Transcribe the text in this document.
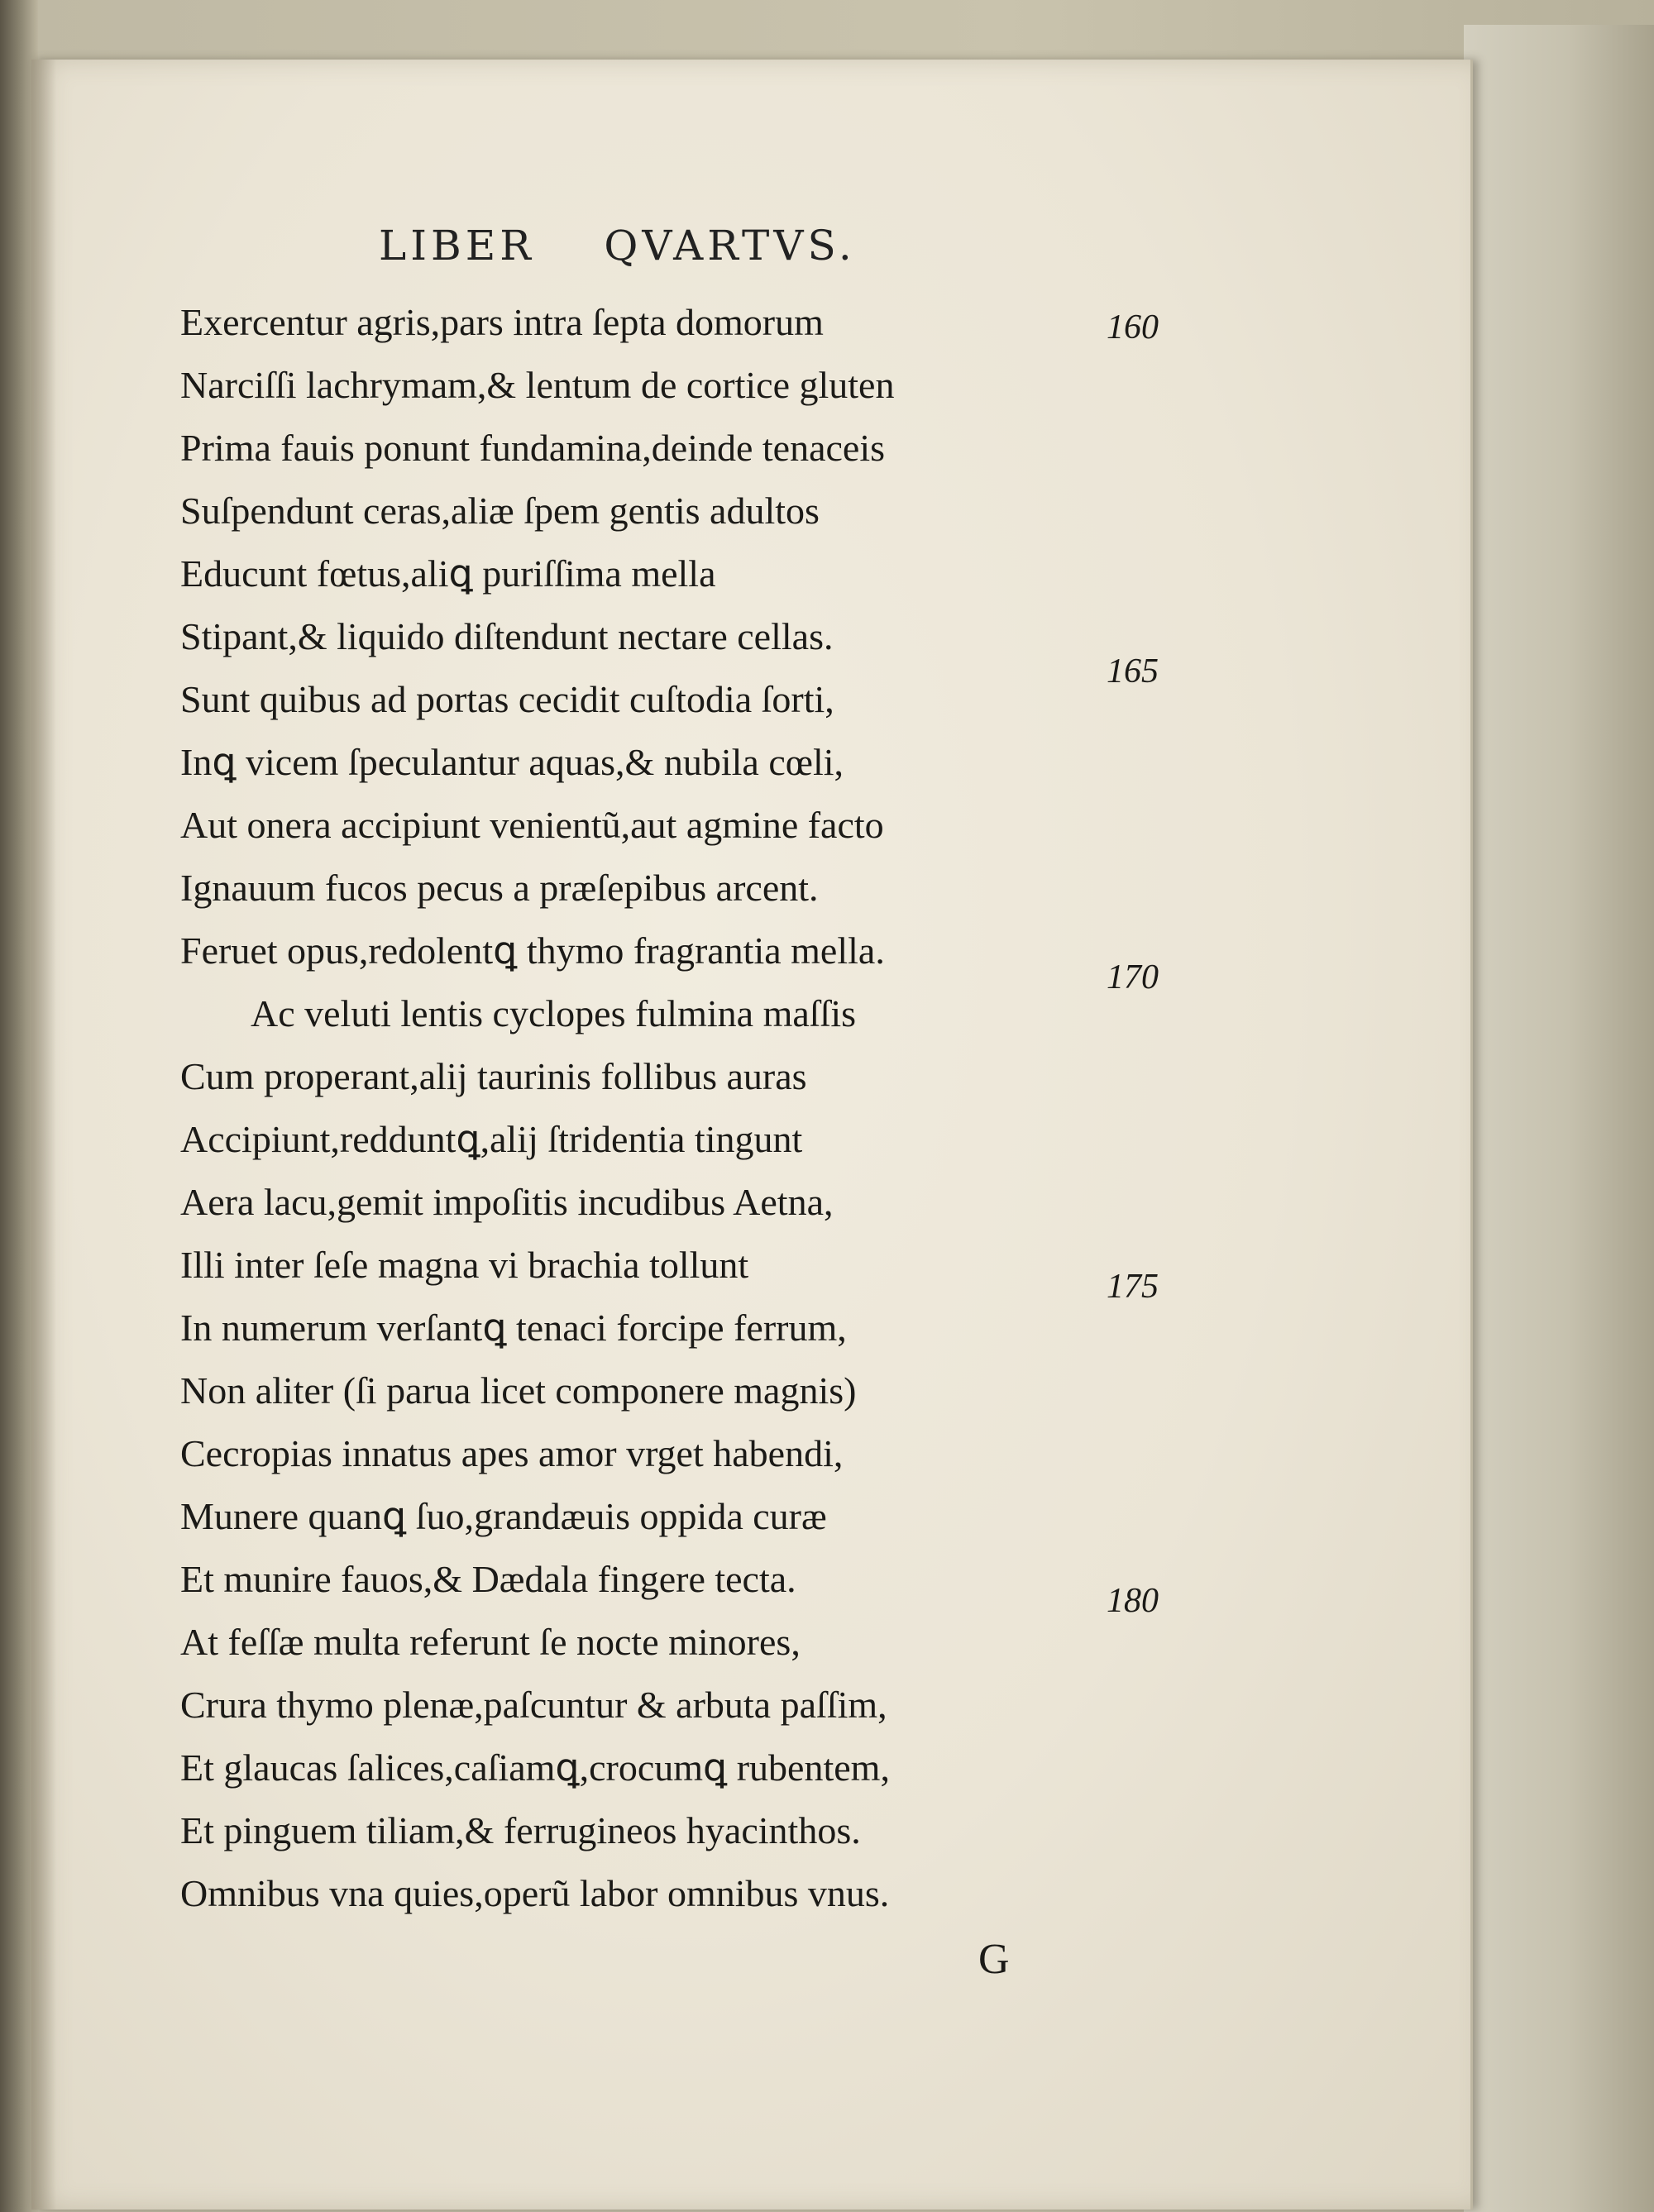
LIBER    QVARTVS.
Exercentur agris,pars intra ſepta domorum
Narciſſi lachrymam,& lentum de cortice gluten
Prima fauis ponunt fundamina,deinde tenaceis
Suſpendunt ceras,aliæ ſpem gentis adultos
Educunt fœtus,aliꝗ puriſſima mella
Stipant,& liquido diſtendunt nectare cellas.
Sunt quibus ad portas cecidit cuſtodia ſorti,
Inꝗ vicem ſpeculantur aquas,& nubila cœli,
Aut onera accipiunt venientũ,aut agmine facto
Ignauum fucos pecus a præſepibus arcent.
Feruet opus,redolentꝗ thymo fragrantia mella.
Ac veluti lentis cyclopes fulmina maſſis
Cum properant,alij taurinis follibus auras
Accipiunt,redduntꝗ,alij ſtridentia tingunt
Aera lacu,gemit impoſitis incudibus Aetna,
Illi inter ſeſe magna vi brachia tollunt
In numerum verſantꝗ tenaci forcipe ferrum,
Non aliter (ſi parua licet componere magnis)
Cecropias innatus apes amor vrget habendi,
Munere quanꝗ ſuo,grandæuis oppida curæ
Et munire fauos,& Dædala fingere tecta.
At feſſæ multa referunt ſe nocte minores,
Crura thymo plenæ,paſcuntur & arbuta paſſim,
Et glaucas ſalices,caſiamꝗ,crocumꝗ rubentem,
Et pinguem tiliam,& ferrugineos hyacinthos.
Omnibus vna quies,operũ labor omnibus vnus.
160
165
170
175
180
G
